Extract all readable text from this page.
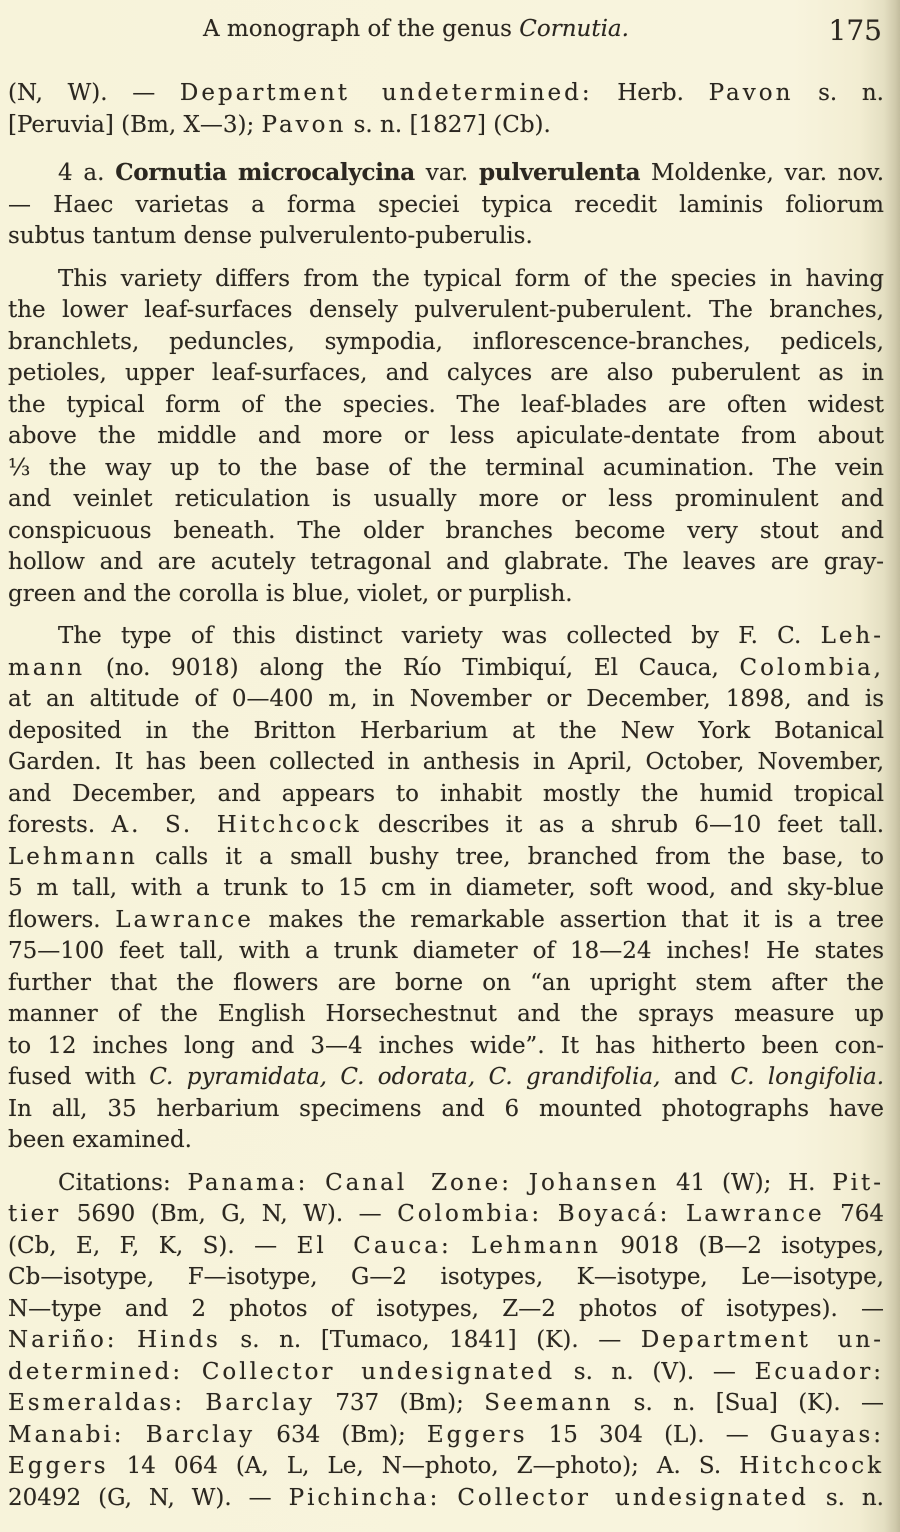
A monograph of the genus Cornutia.	175
(N, W). — Department undetermined: Herb. Pavon s. n.
[Peruvia] (Bm, X—3); Pavon s. n. [1827] (Cb).
4 a. Cornutia microcalycina var. pulverulenta Moldenke, var. nov.
— Haec varietas a forma speciei typica recedit laminis foliorum
subtus tantum dense pulverulento-puberulis.
This variety differs from the typical form of the species in having
the lower leaf-surfaces densely pulverulent-puberulent. The branches,
branchlets, peduncles, sympodia, inflorescence-branches, pedicels,
petioles, upper leaf-surfaces, and calyces are also puberulent as in
the typical form of the species. The leaf-blades are often widest
above the middle and more or less apiculate-dentate from about
⅓ the way up to the base of the terminal acumination. The vein
and veinlet reticulation is usually more or less prominulent and
conspicuous beneath. The older branches become very stout and
hollow and are acutely tetragonal and glabrate. The leaves are gray-
green and the corolla is blue, violet, or purplish.
The type of this distinct variety was collected by F. C. Leh-
mann (no. 9018) along the Río Timbiquí, El Cauca, Colombia,
at an altitude of 0—400 m, in November or December, 1898, and is
deposited in the Britton Herbarium at the New York Botanical
Garden. It has been collected in anthesis in April, October, November,
and December, and appears to inhabit mostly the humid tropical
forests. A. S. Hitchcock describes it as a shrub 6—10 feet tall.
Lehmann calls it a small bushy tree, branched from the base, to
5 m tall, with a trunk to 15 cm in diameter, soft wood, and sky-blue
flowers. Lawrance makes the remarkable assertion that it is a tree
75—100 feet tall, with a trunk diameter of 18—24 inches! He states
further that the flowers are borne on “an upright stem after the
manner of the English Horsechestnut and the sprays measure up
to 12 inches long and 3—4 inches wide”. It has hitherto been con-
fused with C. pyramidata, C. odorata, C. grandifolia, and C. longifolia.
In all, 35 herbarium specimens and 6 mounted photographs have
been examined.
Citations: Panama: Canal Zone: Johansen 41 (W); H. Pit-
tier 5690 (Bm, G, N, W). — Colombia: Boyacá: Lawrance 764
(Cb, E, F, K, S). — El Cauca: Lehmann 9018 (B—2 isotypes,
Cb—isotype, F—isotype, G—2 isotypes, K—isotype, Le—isotype,
N—type and 2 photos of isotypes, Z—2 photos of isotypes). —
Nariño: Hinds s. n. [Tumaco, 1841] (K). — Department un-
determined: Collector undesignated s. n. (V). — Ecuador:
Esmeraldas: Barclay 737 (Bm); Seemann s. n. [Sua] (K). —
Manabi: Barclay 634 (Bm); Eggers 15 304 (L). — Guayas:
Eggers 14 064 (A, L, Le, N—photo, Z—photo); A. S. Hitchcock
20492 (G, N, W). — Pichincha: Collector undesignated s. n.
